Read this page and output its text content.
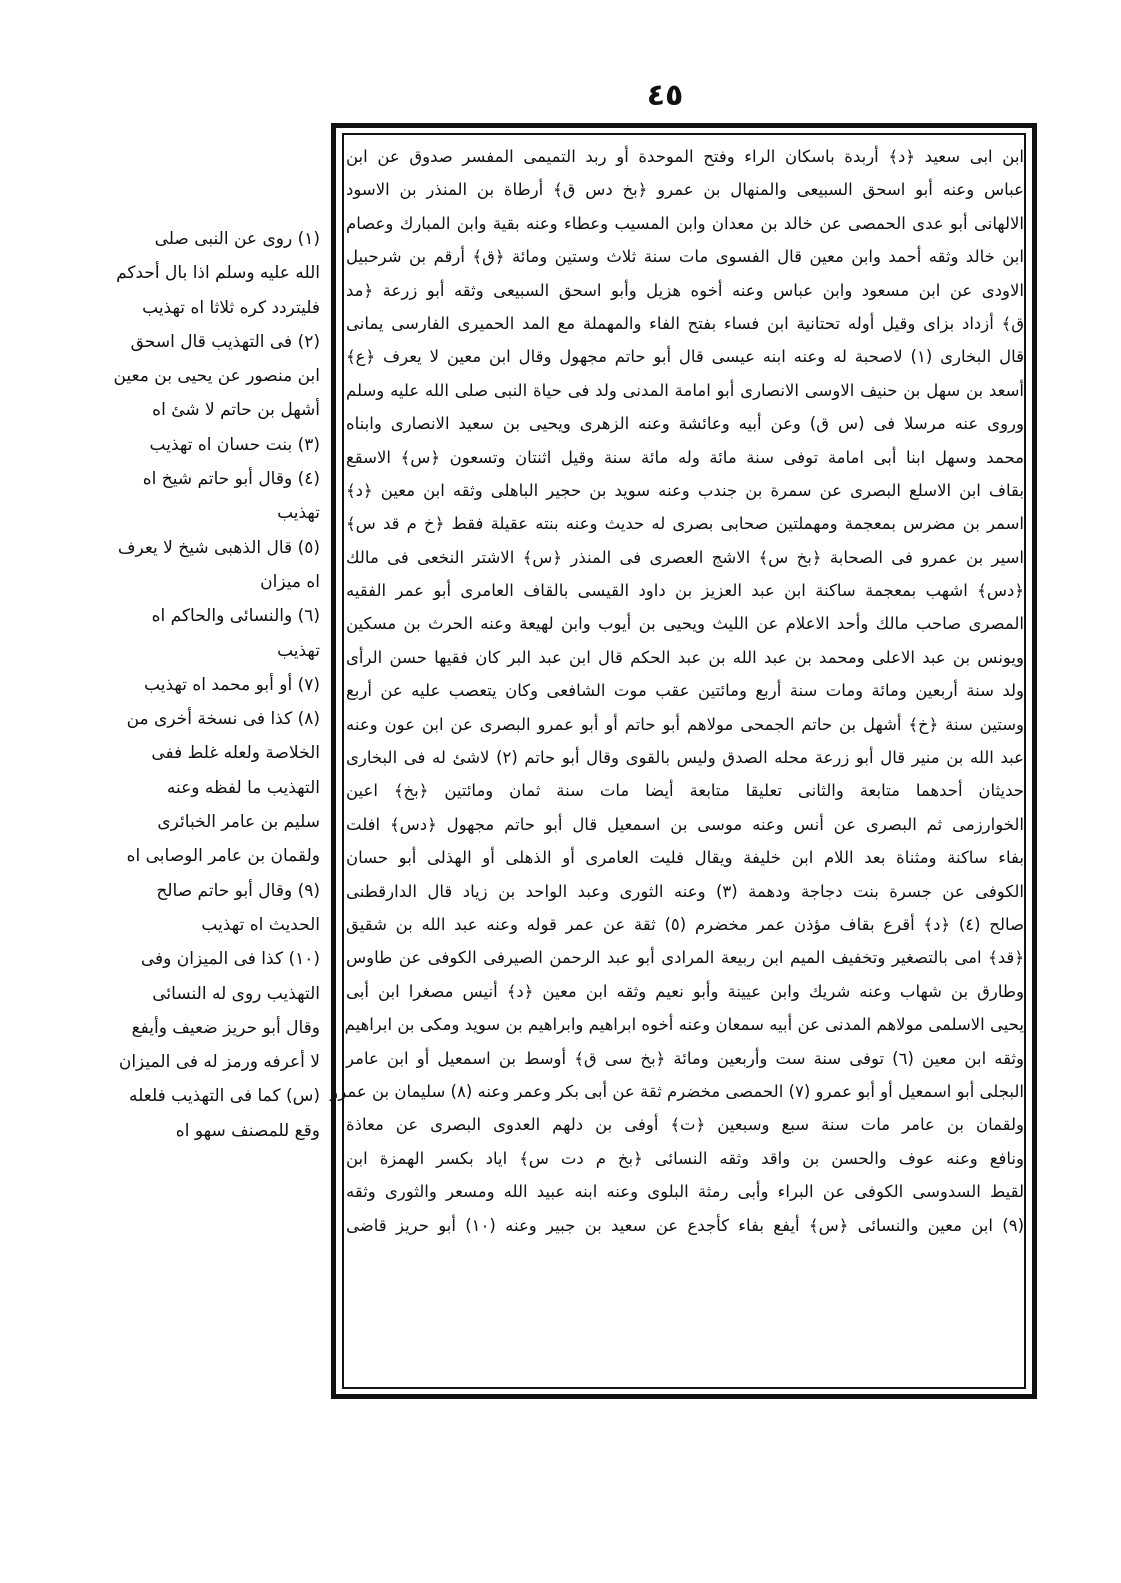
٤٥
ابن ابى سعيد ﴿د﴾ أربدة باسكان الراء وفتح الموحدة أو ربد التميمى المفسر صدوق عن ابن
عباس وعنه أبو اسحق السبيعى والمنهال بن عمرو ﴿بخ دس ق﴾ أرطاة بن المنذر بن الاسود
الالهانى أبو عدى الحمصى عن خالد بن معدان وابن المسيب وعطاء وعنه بقية وابن المبارك وعصام
ابن خالد وثقه أحمد وابن معين قال الفسوى مات سنة ثلاث وستين ومائة ﴿ق﴾ أرقم بن شرحبيل
الاودى عن ابن مسعود وابن عباس وعنه أخوه هزيل وأبو اسحق السبيعى وثقه أبو زرعة ﴿مد
ق﴾ أزداد بزاى وقيل أوله تحتانية ابن فساء بفتح الفاء والمهملة مع المد الحميرى الفارسى يمانى
قال البخارى (١) لاصحبة له وعنه ابنه عيسى قال أبو حاتم مجهول وقال ابن معين لا يعرف ﴿ع﴾
أسعد بن سهل بن حنيف الاوسى الانصارى أبو امامة المدنى ولد فى حياة النبى صلى الله عليه وسلم
وروى عنه مرسلا فى (س ق) وعن أبيه وعائشة وعنه الزهرى ويحيى بن سعيد الانصارى وابناه
محمد وسهل ابنا أبى امامة توفى سنة مائة وله مائة سنة وقيل اثنتان وتسعون ﴿س﴾ الاسقع
بقاف ابن الاسلع البصرى عن سمرة بن جندب وعنه سويد بن حجير الباهلى وثقه ابن معين ﴿د﴾
اسمر بن مضرس بمعجمة ومهملتين صحابى بصرى له حديث وعنه بنته عقيلة فقط ﴿خ م قد س﴾
اسير بن عمرو فى الصحابة ﴿بخ س﴾ الاشج العصرى فى المنذر ﴿س﴾ الاشتر النخعى فى مالك
﴿دس﴾ اشهب بمعجمة ساكنة ابن عبد العزيز بن داود القيسى بالقاف العامرى أبو عمر الفقيه
المصرى صاحب مالك وأحد الاعلام عن الليث ويحيى بن أيوب وابن لهيعة وعنه الحرث بن مسكين
ويونس بن عبد الاعلى ومحمد بن عبد الله بن عبد الحكم قال ابن عبد البر كان فقيها حسن الرأى
ولد سنة أربعين ومائة ومات سنة أربع ومائتين عقب موت الشافعى وكان يتعصب عليه عن أربع
وستين سنة ﴿خ﴾ أشهل بن حاتم الجمحى مولاهم أبو حاتم أو أبو عمرو البصرى عن ابن عون وعنه
عبد الله بن منير قال أبو زرعة محله الصدق وليس بالقوى وقال أبو حاتم (٢) لاشئ له فى البخارى
حديثان أحدهما متابعة والثانى تعليقا متابعة أيضا مات سنة ثمان ومائتين ﴿بخ﴾ اعين
الخوارزمى ثم البصرى عن أنس وعنه موسى بن اسمعيل قال أبو حاتم مجهول ﴿دس﴾ افلت
بفاء ساكنة ومثناة بعد اللام ابن خليفة ويقال فليت العامرى أو الذهلى أو الهذلى أبو حسان
الكوفى عن جسرة بنت دجاجة ودهمة (٣) وعنه الثورى وعبد الواحد بن زياد قال الدارقطنى
صالح (٤) ﴿د﴾ أقرع بقاف مؤذن عمر مخضرم (٥) ثقة عن عمر قوله وعنه عبد الله بن شقيق
﴿قد﴾ امى بالتصغير وتخفيف الميم ابن ربيعة المرادى أبو عبد الرحمن الصيرفى الكوفى عن طاوس
وطارق بن شهاب وعنه شريك وابن عيينة وأبو نعيم وثقه ابن معين ﴿د﴾ أنيس مصغرا ابن أبى
يحيى الاسلمى مولاهم المدنى عن أبيه سمعان وعنه أخوه ابراهيم وابراهيم بن سويد ومكى بن ابراهيم
وثقه ابن معين (٦) توفى سنة ست وأربعين ومائة ﴿بخ سى ق﴾ أوسط بن اسمعيل أو ابن عامر
البجلى أبو اسمعيل أو أبو عمرو (٧) الحمصى مخضرم ثقة عن أبى بكر وعمر وعنه (٨) سليمان بن عمرو
ولقمان بن عامر مات سنة سبع وسبعين ﴿ت﴾ أوفى بن دلهم العدوى البصرى عن معاذة
ونافع وعنه عوف والحسن بن واقد وثقه النسائى ﴿بخ م دت س﴾ اياد بكسر الهمزة ابن
لقيط السدوسى الكوفى عن البراء وأبى رمثة البلوى وعنه ابنه عبيد الله ومسعر والثورى وثقه
(٩) ابن معين والنسائى ﴿س﴾ أيفع بفاء كأجدع عن سعيد بن جبير وعنه (١٠) أبو حريز قاضى
(١) روى عن النبى صلى
الله عليه وسلم اذا بال أحدكم
فليتردد كره ثلاثا اه تهذيب
(٢) فى التهذيب قال اسحق
ابن منصور عن يحيى بن معين
أشهل بن حاتم لا شئ اه
(٣) بنت حسان اه تهذيب
(٤) وقال أبو حاتم شيخ اه
تهذيب
(٥) قال الذهبى شيخ لا يعرف
اه ميزان
(٦) والنسائى والحاكم اه
تهذيب
(٧) أو أبو محمد اه تهذيب
(٨) كذا فى نسخة أخرى من
الخلاصة ولعله غلط ففى
التهذيب ما لفظه وعنه
سليم بن عامر الخبائرى
ولقمان بن عامر الوصابى اه
(٩) وقال أبو حاتم صالح
الحديث اه تهذيب
(١٠) كذا فى الميزان وفى
التهذيب روى له النسائى
وقال أبو حريز ضعيف وأيفع
لا أعرفه ورمز له فى الميزان
(س) كما فى التهذيب فلعله
وقع للمصنف سهو اه
